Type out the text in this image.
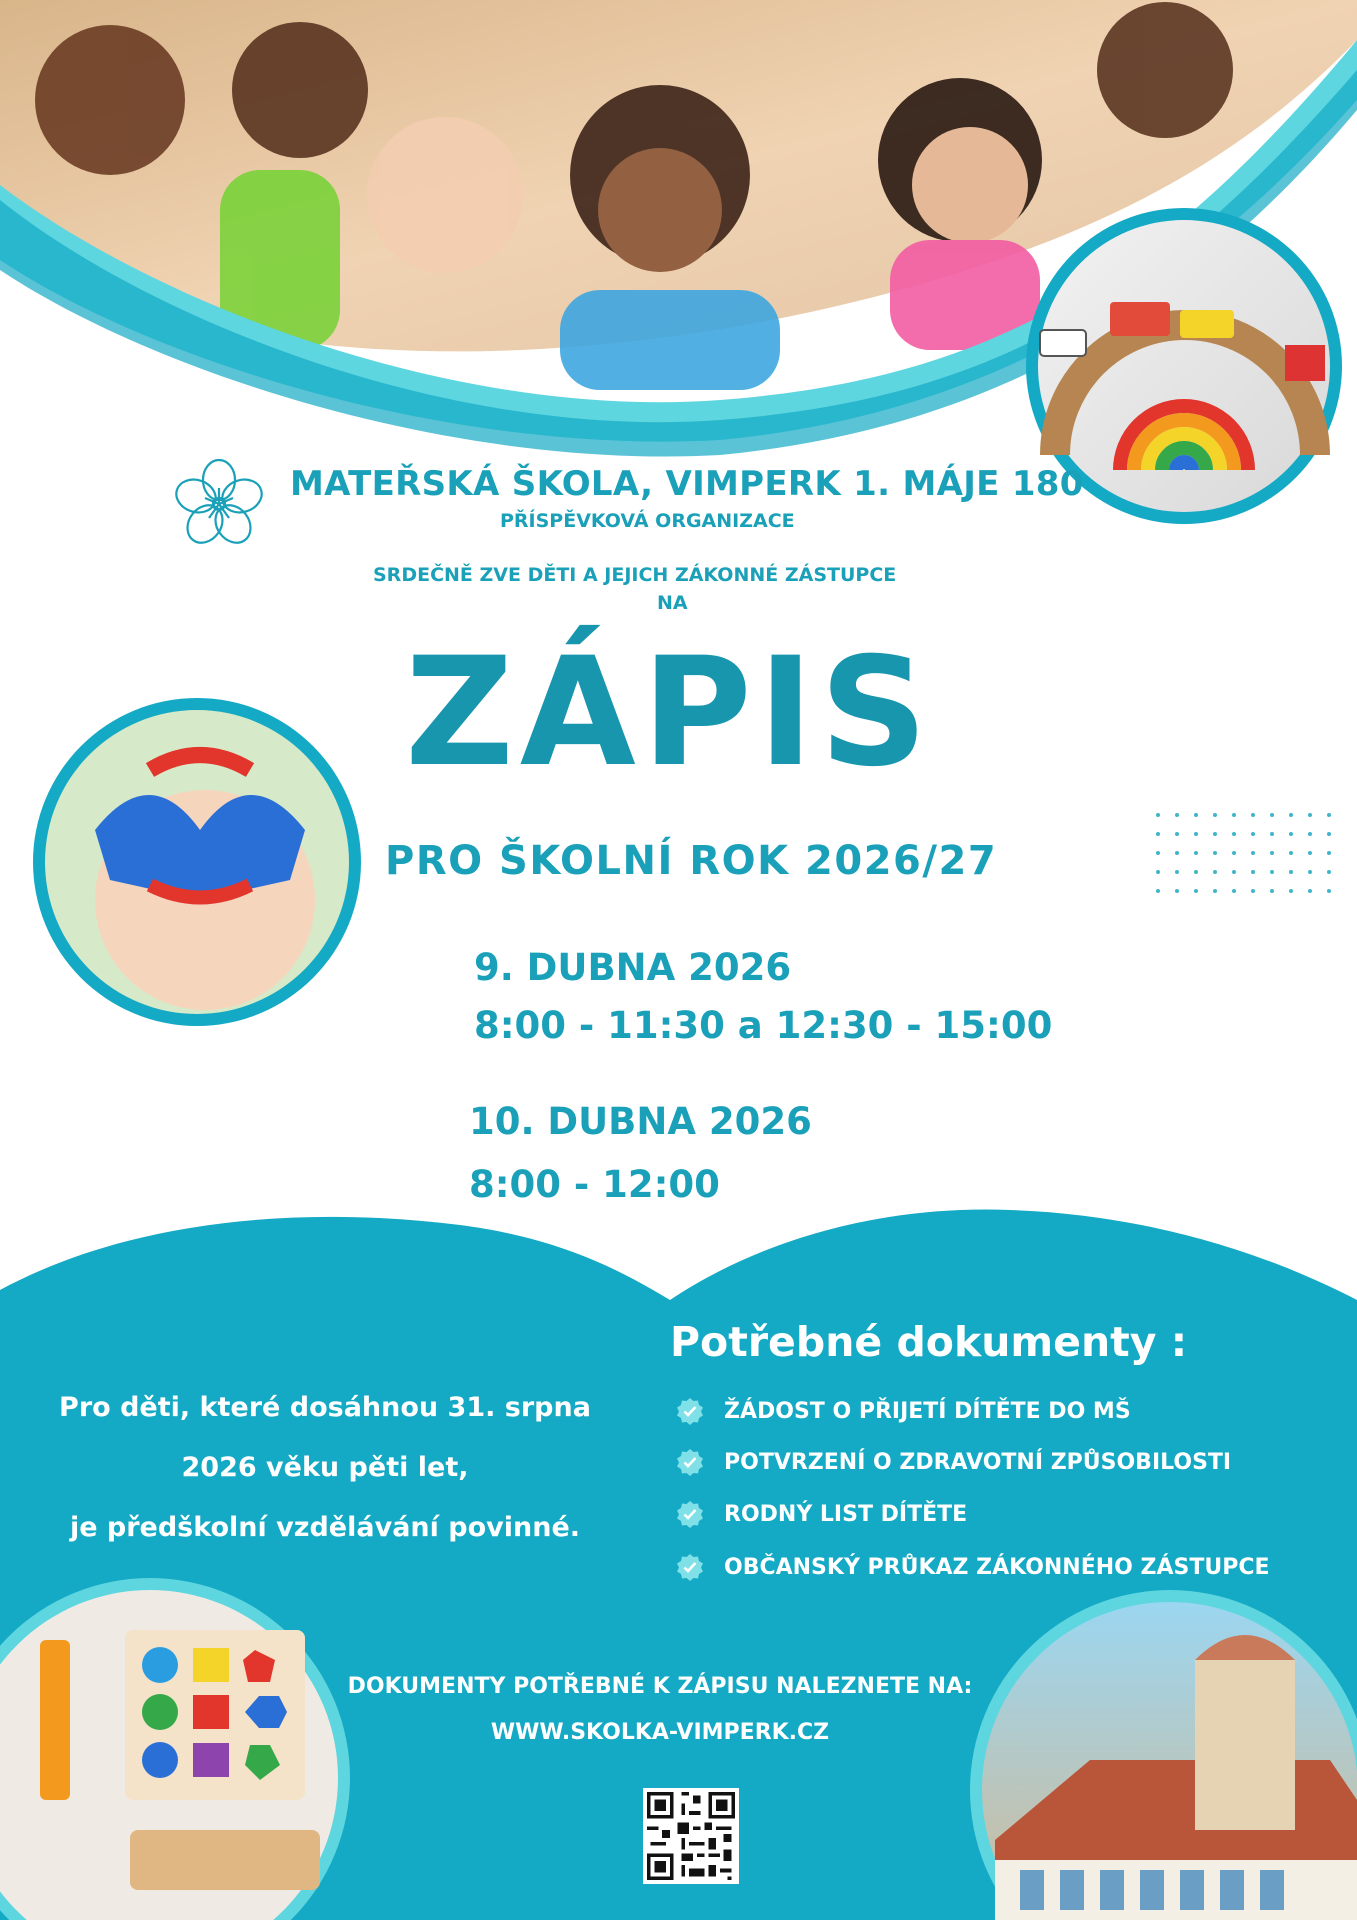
MATEŘSKÁ ŠKOLA, VIMPERK 1. MÁJE 180
PŘÍSPĚVKOVÁ ORGANIZACE
SRDEČNĚ ZVE DĚTI A JEJICH ZÁKONNÉ ZÁSTUPCE
NA
ZÁPIS
PRO ŠKOLNÍ ROK 2026/27
9. DUBNA 2026
8:00 - 11:30 a 12:30 - 15:00
10. DUBNA 2026
8:00 - 12:00
Pro děti, které dosáhnou 31. srpna
2026 věku pěti let,
je předškolní vzdělávání povinné.
Potřebné dokumenty :
ŽÁDOST O PŘIJETÍ DÍTĚTE DO MŠ
POTVRZENÍ O ZDRAVOTNÍ ZPŮSOBILOSTI
RODNÝ LIST DÍTĚTE
OBČANSKÝ PRŮKAZ ZÁKONNÉHO ZÁSTUPCE
DOKUMENTY POTŘEBNÉ K ZÁPISU NALEZNETE NA:
WWW.SKOLKA-VIMPERK.CZ
